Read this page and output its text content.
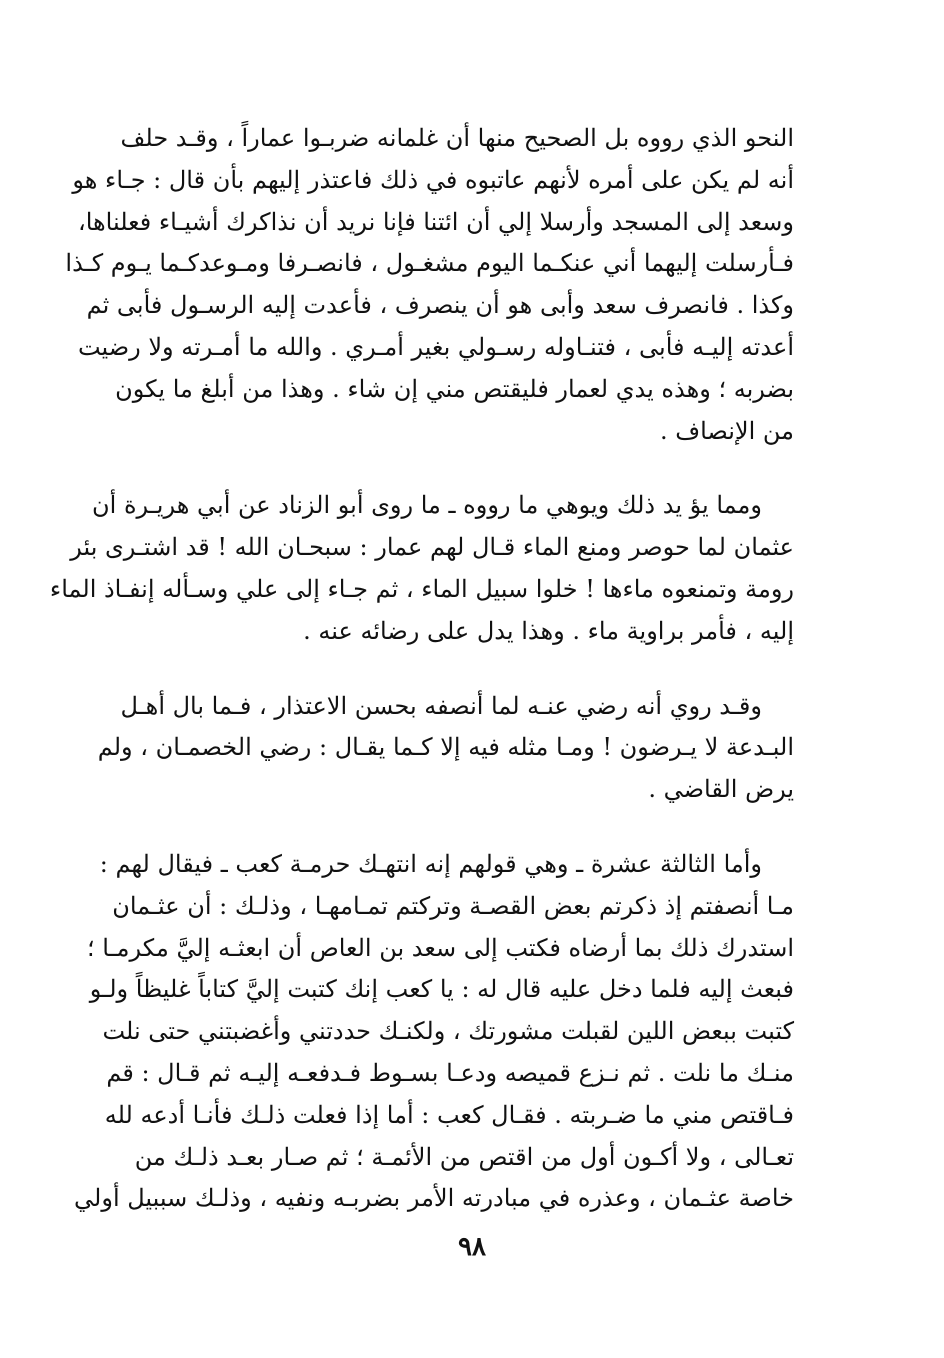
النحو الذي رووه بل الصحيح منها أن غلمانه ضربـوا عماراً ، وقـد حلف
أنه لم يكن على أمره لأنهم عاتبوه في ذلك فاعتذر إليهم بأن قال : جـاء هو
وسعد إلى المسجد وأرسلا إلي أن ائتنا فإنا نريد أن نذاكرك أشيـاء فعلناها،
فـأرسلت إليهما أني عنكـما اليوم مشغـول ، فانصـرفا ومـوعدكـما يـوم كـذا
وكذا . فانصرف سعد وأبى هو أن ينصرف ، فأعدت إليه الرسـول فأبى ثم
أعدته إليـه فأبى ، فتنـاوله رسـولي بغير أمـري . والله ما أمـرته ولا رضيت
بضربه ؛ وهذه يدي لعمار فليقتص مني إن شاء . وهذا من أبلغ ما يكون
من الإنصاف .

ومما يؤ يد ذلك ويوهي ما رووه ـ ما روى أبو الزناد عن أبي هريـرة أن
عثمان لما حوصر ومنع الماء قـال لهم عمار : سبحـان الله ! قد اشتـرى بئر
رومة وتمنعوه ماءها ! خلوا سبيل الماء ، ثم جـاء إلى علي وسـأله إنفـاذ الماء
إليه ، فأمر براوية ماء . وهذا يدل على رضائه عنه .

وقـد روي أنه رضي عنـه لما أنصفه بحسن الاعتذار ، فـما بال أهـل
البـدعة لا يـرضون ! ومـا مثله فيه إلا كـما يقـال : رضي الخصمـان ، ولم
يرض القاضي .

وأما الثالثة عشرة ـ وهي قولهم إنه انتهـك حرمـة كعب ـ فيقال لهم :
مـا أنصفتم إذ ذكرتم بعض القصـة وتركتم تمـامهـا ، وذلـك : أن عثـمان
استدرك ذلك بما أرضاه فكتب إلى سعد بن العاص أن ابعثـه إليَّ مكرمـا ؛
فبعث إليه فلما دخل عليه قال له : يا كعب إنك كتبت إليَّ كتاباً غليظاً ولـو
كتبت ببعض اللين لقبلت مشورتك ، ولكنـك حددتني وأغضبتني حتى نلت
منـك ما نلت . ثم نـزع قميصه ودعـا بسـوط فـدفعـه إليـه ثم قـال : قم
فـاقتص مني ما ضـربته . فقـال كعب : أما إذا فعلت ذلـك فأنـا أدعه لله
تعـالى ، ولا أكـون أول من اقتص من الأئمـة ؛ ثم صـار بعـد ذلـك من
خاصة عثـمان ، وعذره في مبادرته الأمر بضربـه ونفيه ، وذلـك سببيل أولي

٩٨
